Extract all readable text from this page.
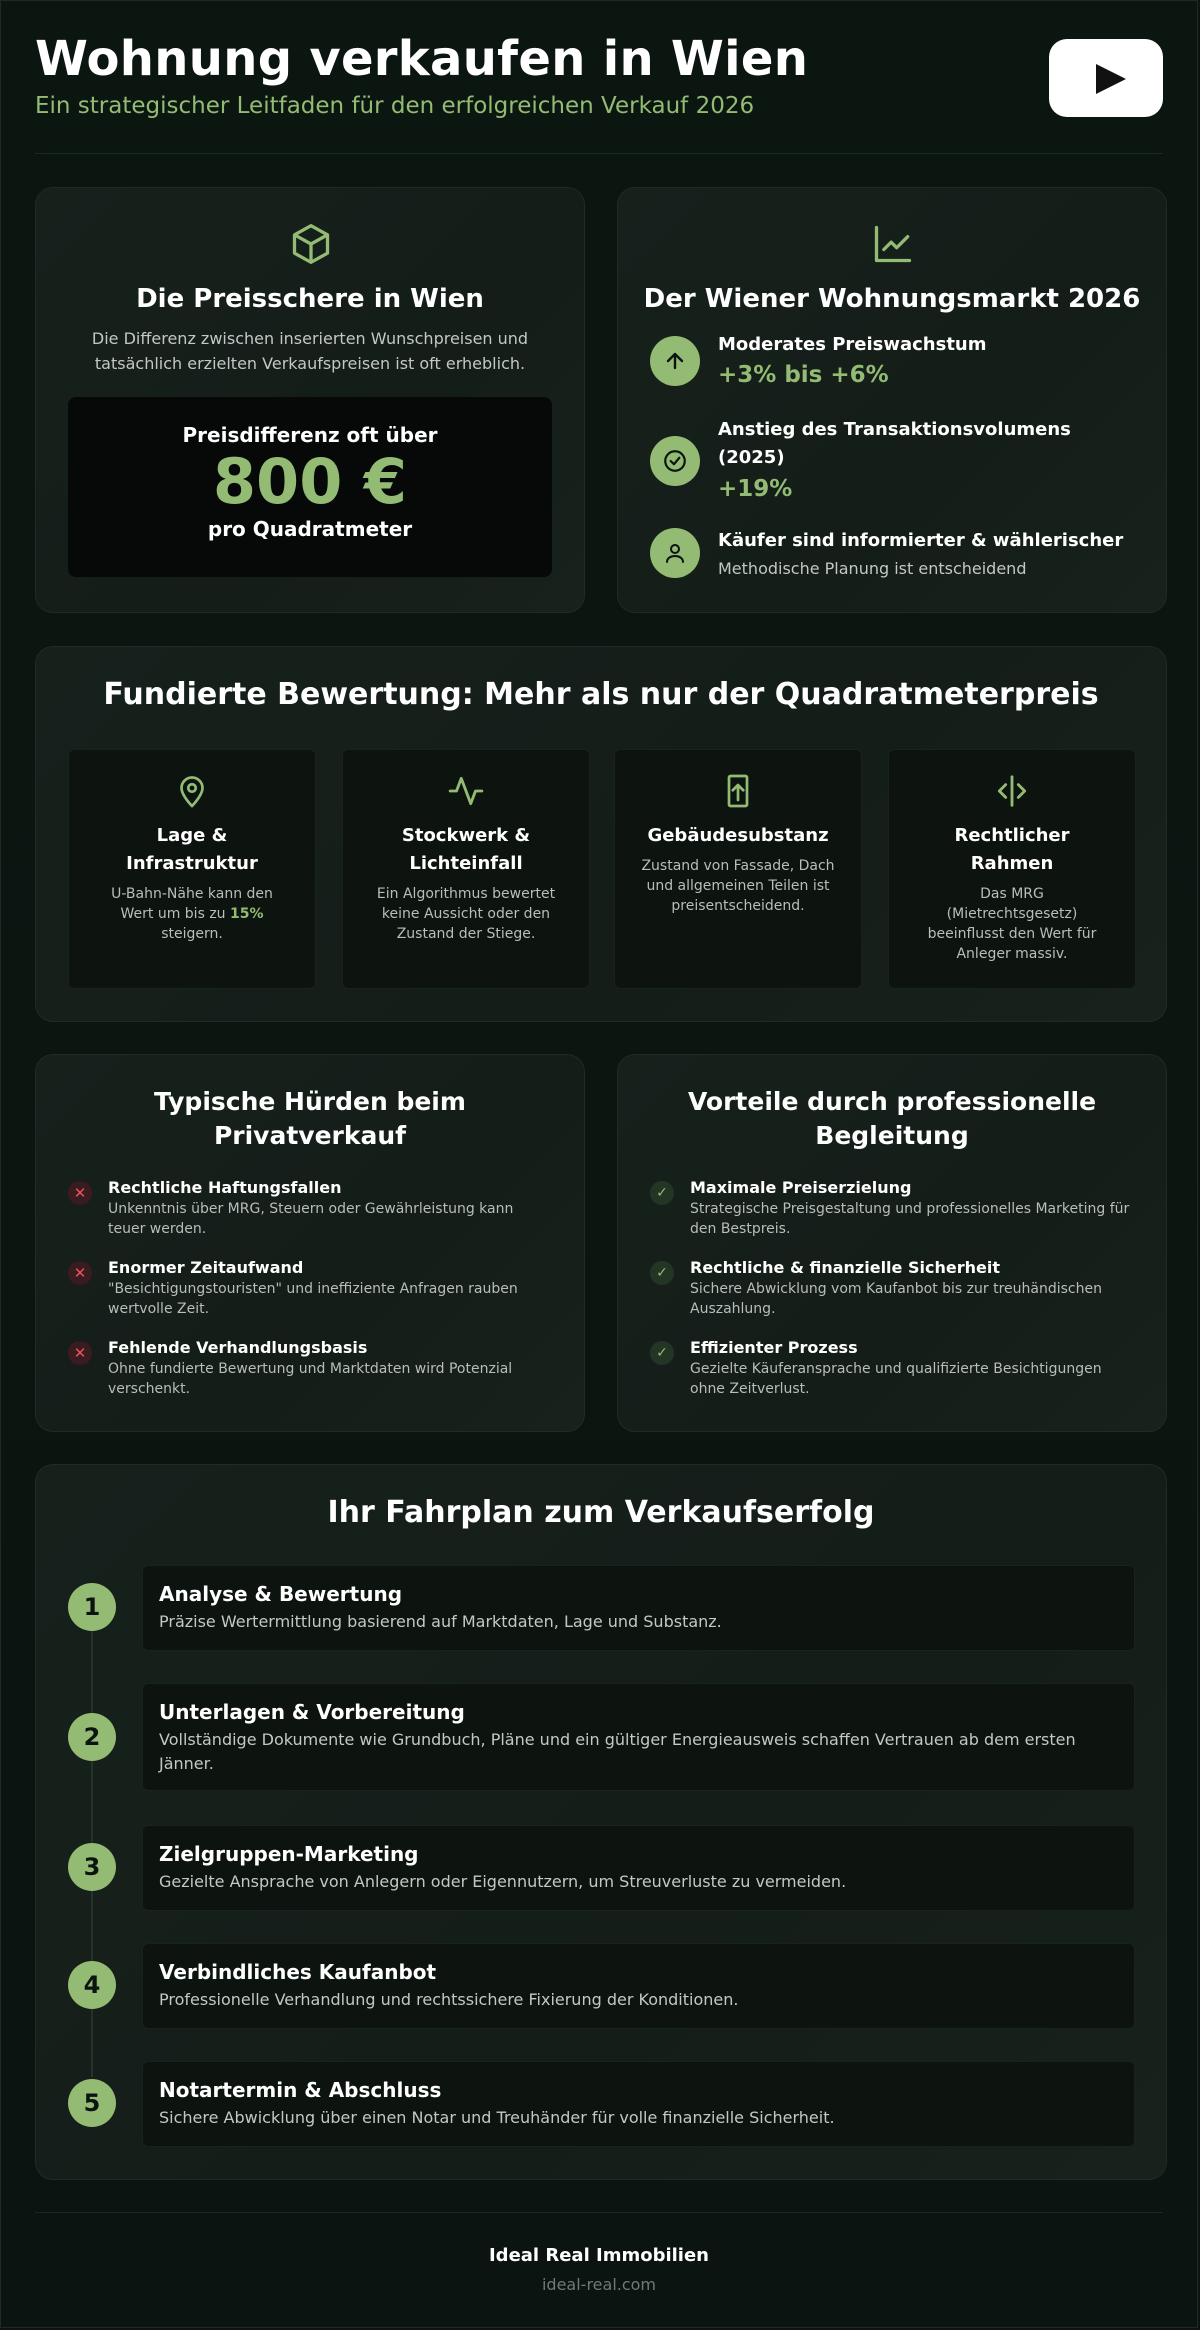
Wohnung verkaufen in Wien
Ein strategischer Leitfaden für den erfolgreichen Verkauf 2026
Die Preisschere in Wien
Die Differenz zwischen inserierten Wunschpreisen und tatsächlich erzielten Verkaufspreisen ist oft erheblich.
Preisdifferenz oft über
800 €
pro Quadratmeter
Der Wiener Wohnungsmarkt 2026
Moderates Preiswachstum
+3% bis +6%
Anstieg des Transaktionsvolumens (2025)
+19%
Käufer sind informierter & wählerischer
Methodische Planung ist entscheidend
Fundierte Bewertung: Mehr als nur der Quadratmeterpreis
Lage & Infrastruktur
U-Bahn-Nähe kann den Wert um bis zu 15% steigern.
Stockwerk & Lichteinfall
Ein Algorithmus bewertet keine Aussicht oder den Zustand der Stiege.
Gebäudesubstanz
Zustand von Fassade, Dach und allgemeinen Teilen ist preisentscheidend.
Rechtlicher Rahmen
Das MRG (Mietrechtsgesetz) beeinflusst den Wert für Anleger massiv.
Typische Hürden beim Privatverkauf
✕	Rechtliche Haftungsfallen
Unkenntnis über MRG, Steuern oder Gewährleistung kann teuer werden.
✕	Enormer Zeitaufwand
"Besichtigungstouristen" und ineffiziente Anfragen rauben wertvolle Zeit.
✕	Fehlende Verhandlungsbasis
Ohne fundierte Bewertung und Marktdaten wird Potenzial verschenkt.
Vorteile durch professionelle Begleitung
✓	Maximale Preiserzielung
Strategische Preisgestaltung und professionelles Marketing für den Bestpreis.
✓	Rechtliche & finanzielle Sicherheit
Sichere Abwicklung vom Kaufanbot bis zur treuhändischen Auszahlung.
✓	Effizienter Prozess
Gezielte Käuferansprache und qualifizierte Besichtigungen ohne Zeitverlust.
Ihr Fahrplan zum Verkaufserfolg
1	Analyse & Bewertung
Präzise Wertermittlung basierend auf Marktdaten, Lage und Substanz.
2
Unterlagen & Vorbereitung
Vollständige Dokumente wie Grundbuch, Pläne und ein gültiger Energieausweis schaffen Vertrauen ab dem ersten Jänner.
3	Zielgruppen-Marketing
Gezielte Ansprache von Anlegern oder Eigennutzern, um Streuverluste zu vermeiden.
4	Verbindliches Kaufanbot
Professionelle Verhandlung und rechtssichere Fixierung der Konditionen.
5	Notartermin & Abschluss
Sichere Abwicklung über einen Notar und Treuhänder für volle finanzielle Sicherheit.
Ideal Real Immobilien
ideal-real.com
